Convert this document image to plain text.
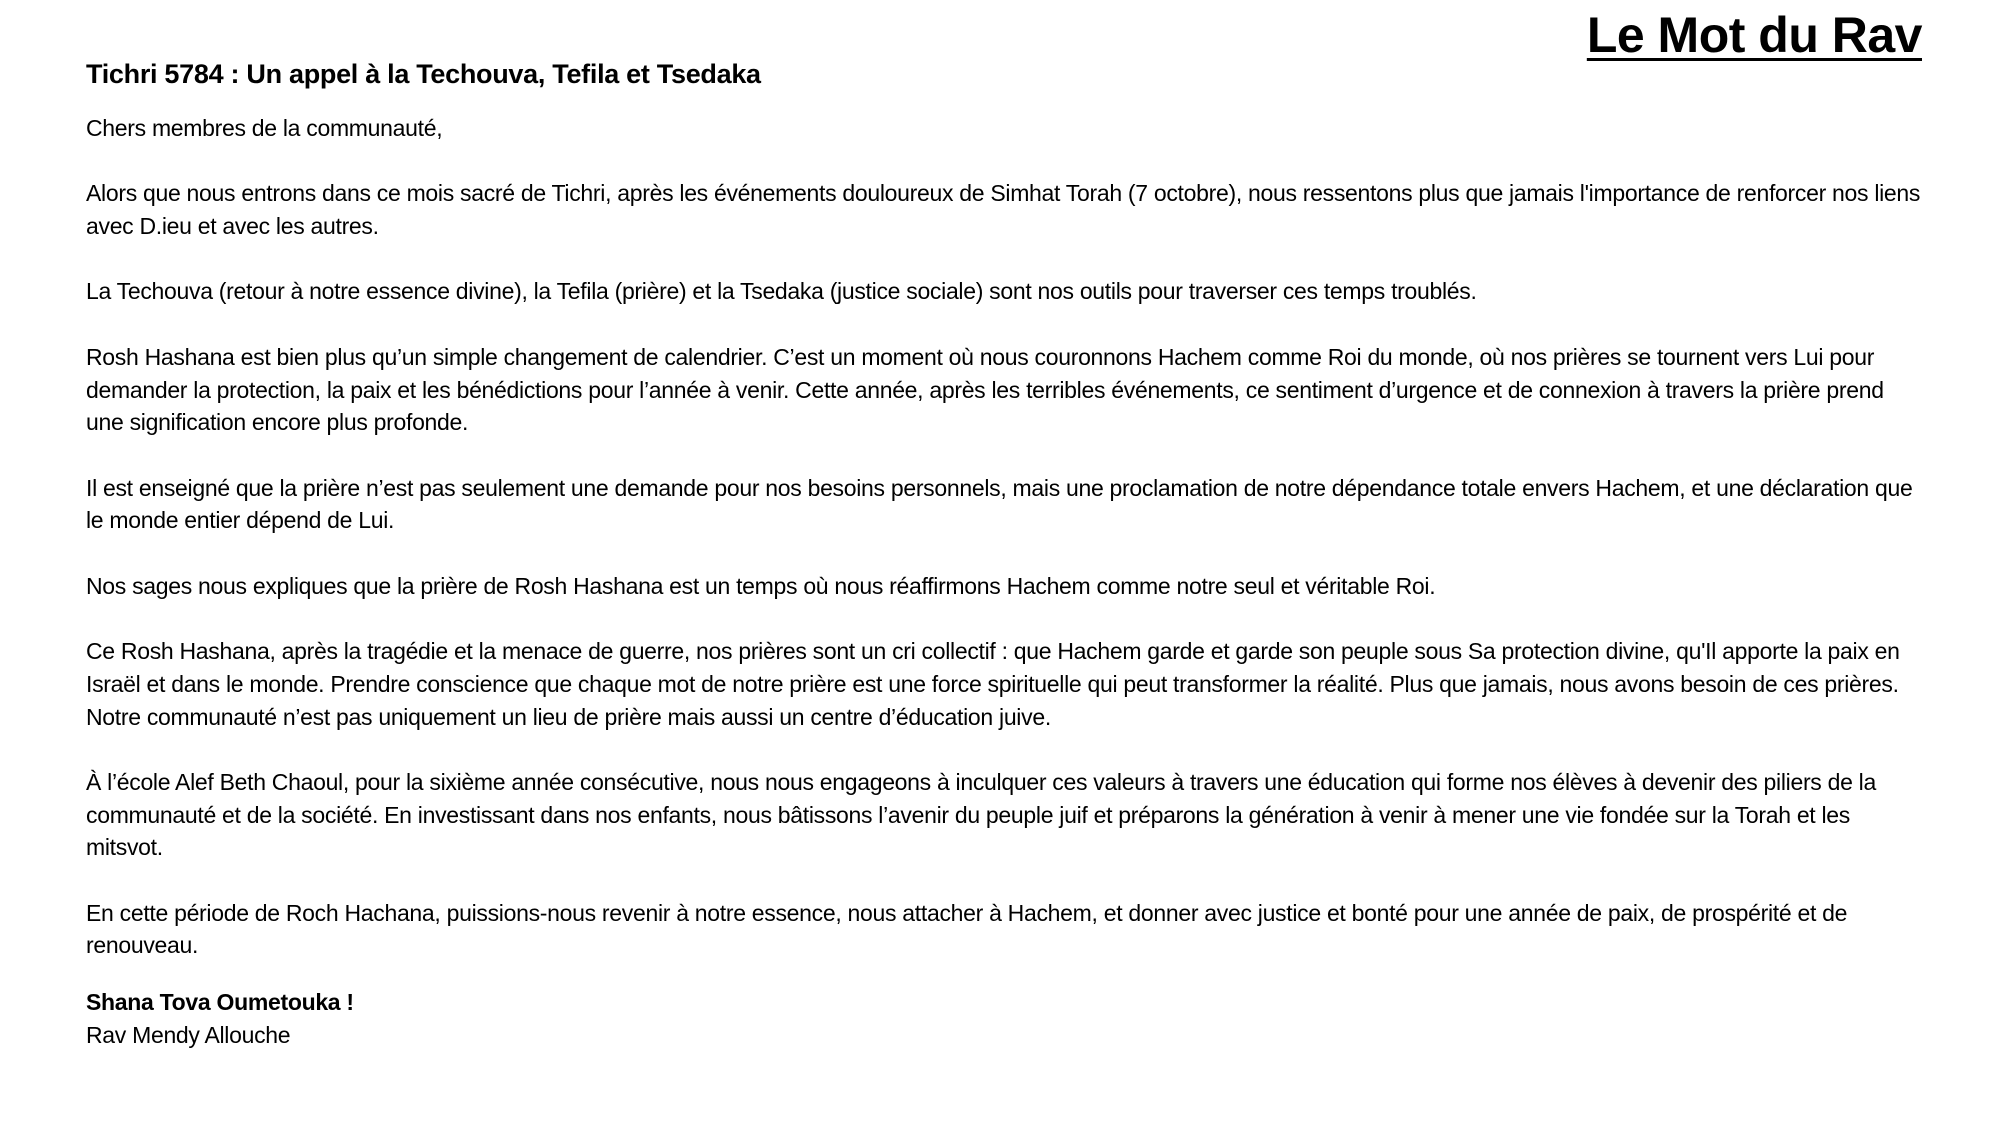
Le Mot du Rav
Tichri 5784 : Un appel à la Techouva, Tefila et Tsedaka

Chers membres de la communauté,

Alors que nous entrons dans ce mois sacré de Tichri, après les événements douloureux de Simhat Torah (7 octobre), nous ressentons plus que jamais l'importance de renforcer nos liens avec D.ieu et avec les autres.

La Techouva (retour à notre essence divine), la Tefila (prière) et la Tsedaka (justice sociale) sont nos outils pour traverser ces temps troublés.

Rosh Hashana est bien plus qu’un simple changement de calendrier. C’est un moment où nous couronnons Hachem comme Roi du monde, où nos prières se tournent vers Lui pour demander la protection, la paix et les bénédictions pour l’année à venir. Cette année, après les terribles événements, ce sentiment d’urgence et de connexion à travers la prière prend une signification encore plus profonde.

Il est enseigné que la prière n’est pas seulement une demande pour nos besoins personnels, mais une proclamation de notre dépendance totale envers Hachem, et une déclaration que le monde entier dépend de Lui.

Nos sages nous expliques que la prière de Rosh Hashana est un temps où nous réaffirmons Hachem comme notre seul et véritable Roi.

Ce Rosh Hashana, après la tragédie et la menace de guerre, nos prières sont un cri collectif : que Hachem garde et garde son peuple sous Sa protection divine, qu'Il apporte la paix en Israël et dans le monde. Prendre conscience que chaque mot de notre prière est une force spirituelle qui peut transformer la réalité. Plus que jamais, nous avons besoin de ces prières.

Notre communauté n’est pas uniquement un lieu de prière mais aussi un centre d’éducation juive.

À l’école Alef Beth Chaoul, pour la sixième année consécutive, nous nous engageons à inculquer ces valeurs à travers une éducation qui forme nos élèves à devenir des piliers de la communauté et de la société. En investissant dans nos enfants, nous bâtissons l’avenir du peuple juif et préparons la génération à venir à mener une vie fondée sur la Torah et les mitsvot.

En cette période de Roch Hachana, puissions-nous revenir à notre essence, nous attacher à Hachem, et donner avec justice et bonté pour une année de paix, de prospérité et de renouveau.

Shana Tova Oumetouka !
Rav Mendy Allouche
